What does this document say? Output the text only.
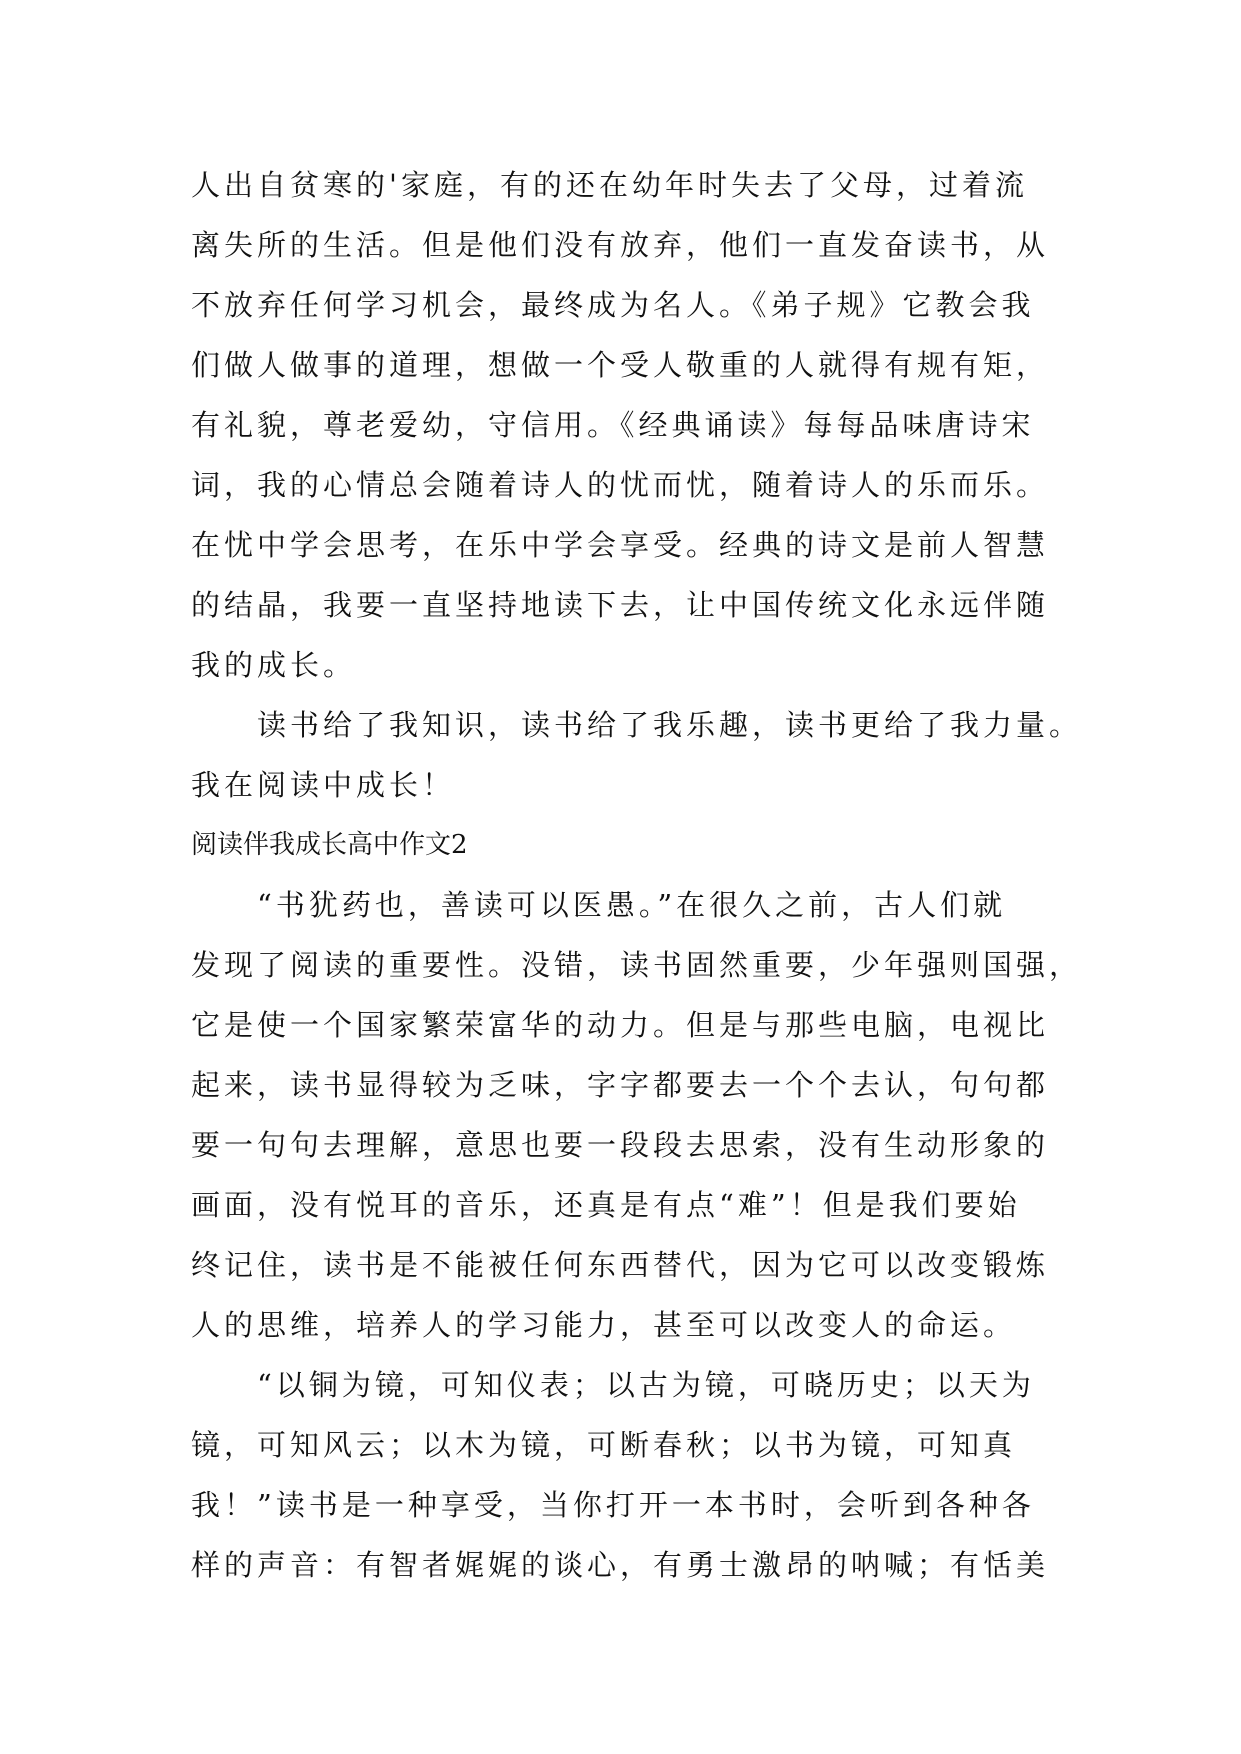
人出自贫寒的'家庭，有的还在幼年时失去了父母，过着流
离失所的生活。但是他们没有放弃，他们一直发奋读书，从
不放弃任何学习机会，最终成为名人。《弟子规》它教会我
们做人做事的道理，想做一个受人敬重的人就得有规有矩，
有礼貌，尊老爱幼，守信用。《经典诵读》每每品味唐诗宋
词，我的心情总会随着诗人的忧而忧，随着诗人的乐而乐。
在忧中学会思考，在乐中学会享受。经典的诗文是前人智慧
的结晶，我要一直坚持地读下去，让中国传统文化永远伴随
我的成长。
读书给了我知识，读书给了我乐趣，读书更给了我力量。
我在阅读中成长！
阅读伴我成长高中作文2
“书犹药也，善读可以医愚。”在很久之前，古人们就
发现了阅读的重要性。没错，读书固然重要，少年强则国强，
它是使一个国家繁荣富华的动力。但是与那些电脑，电视比
起来，读书显得较为乏味，字字都要去一个个去认，句句都
要一句句去理解，意思也要一段段去思索，没有生动形象的
画面，没有悦耳的音乐，还真是有点“难”！但是我们要始
终记住，读书是不能被任何东西替代，因为它可以改变锻炼
人的思维，培养人的学习能力，甚至可以改变人的命运。
“以铜为镜，可知仪表；以古为镜，可晓历史；以天为
镜，可知风云；以木为镜，可断春秋；以书为镜，可知真
我！”读书是一种享受，当你打开一本书时，会听到各种各
样的声音：有智者娓娓的谈心，有勇士激昂的呐喊；有恬美
